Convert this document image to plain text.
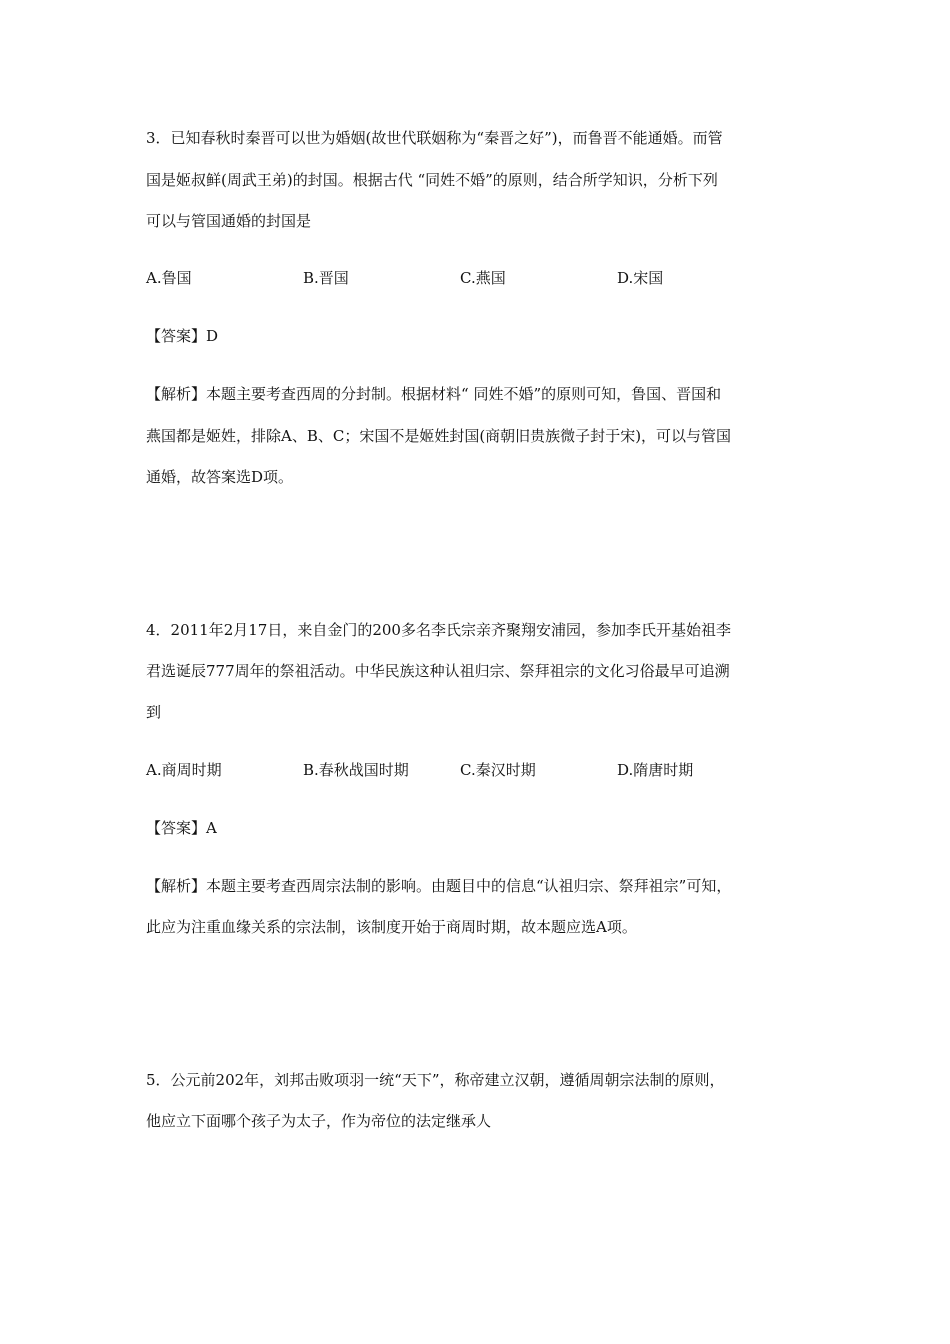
3．已知春秋时秦晋可以世为婚姻(故世代联姻称为“秦晋之好”)，而鲁晋不能通婚。而管
国是姬叔鲜(周武王弟)的封国。根据古代 “同姓不婚”的原则，结合所学知识，分析下列
可以与管国通婚的封国是
A.鲁国	B.晋国	C.燕国	D.宋国
【答案】D
【解析】本题主要考查西周的分封制。根据材料“ 同姓不婚”的原则可知，鲁国、晋国和
燕国都是姬姓，排除A、B、C；宋国不是姬姓封国(商朝旧贵族微子封于宋)，可以与管国
通婚，故答案选D项。
4．2011年2月17日，来自金门的200多名李氏宗亲齐聚翔安浦园，参加李氏开基始祖李
君选诞辰777周年的祭祖活动。中华民族这种认祖归宗、祭拜祖宗的文化习俗最早可追溯
到
A.商周时期	B.春秋战国时期	C.秦汉时期	D.隋唐时期
【答案】A
【解析】本题主要考查西周宗法制的影响。由题目中的信息“认祖归宗、祭拜祖宗”可知，
此应为注重血缘关系的宗法制，该制度开始于商周时期，故本题应选A项。
5．公元前202年，刘邦击败项羽一统“天下”，称帝建立汉朝，遵循周朝宗法制的原则，
他应立下面哪个孩子为太子，作为帝位的法定继承人
